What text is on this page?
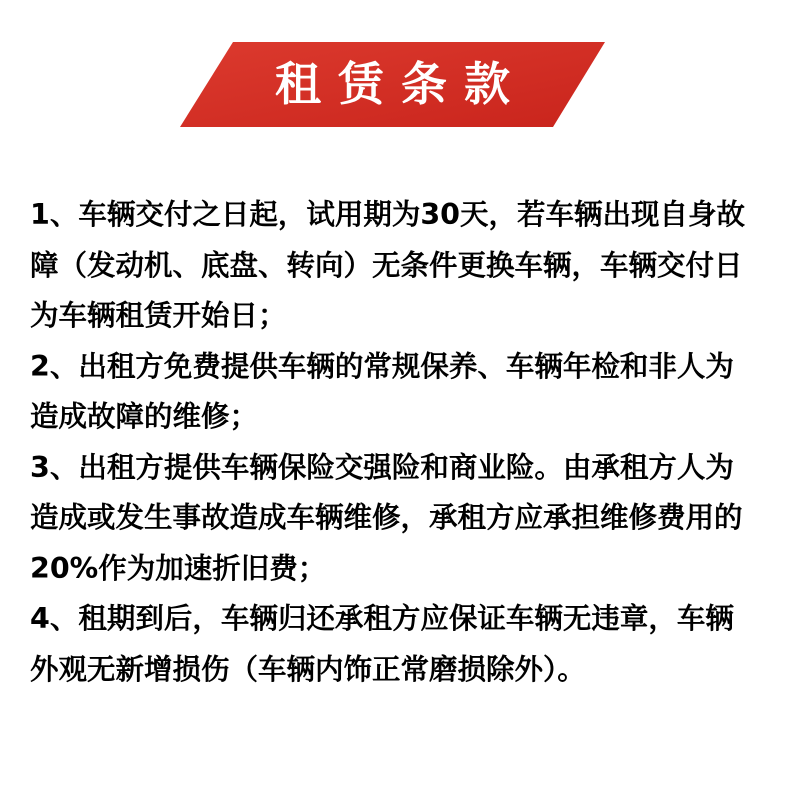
租赁条款
1、车辆交付之日起，试用期为30天，若车辆出现自身故
障（发动机、底盘、转向）无条件更换车辆，车辆交付日
为车辆租赁开始日；
2、出租方免费提供车辆的常规保养、车辆年检和非人为
造成故障的维修；
3、出租方提供车辆保险交强险和商业险。由承租方人为
造成或发生事故造成车辆维修，承租方应承担维修费用的
20%作为加速折旧费；
4、租期到后，车辆归还承租方应保证车辆无违章，车辆
外观无新增损伤（车辆内饰正常磨损除外）。
